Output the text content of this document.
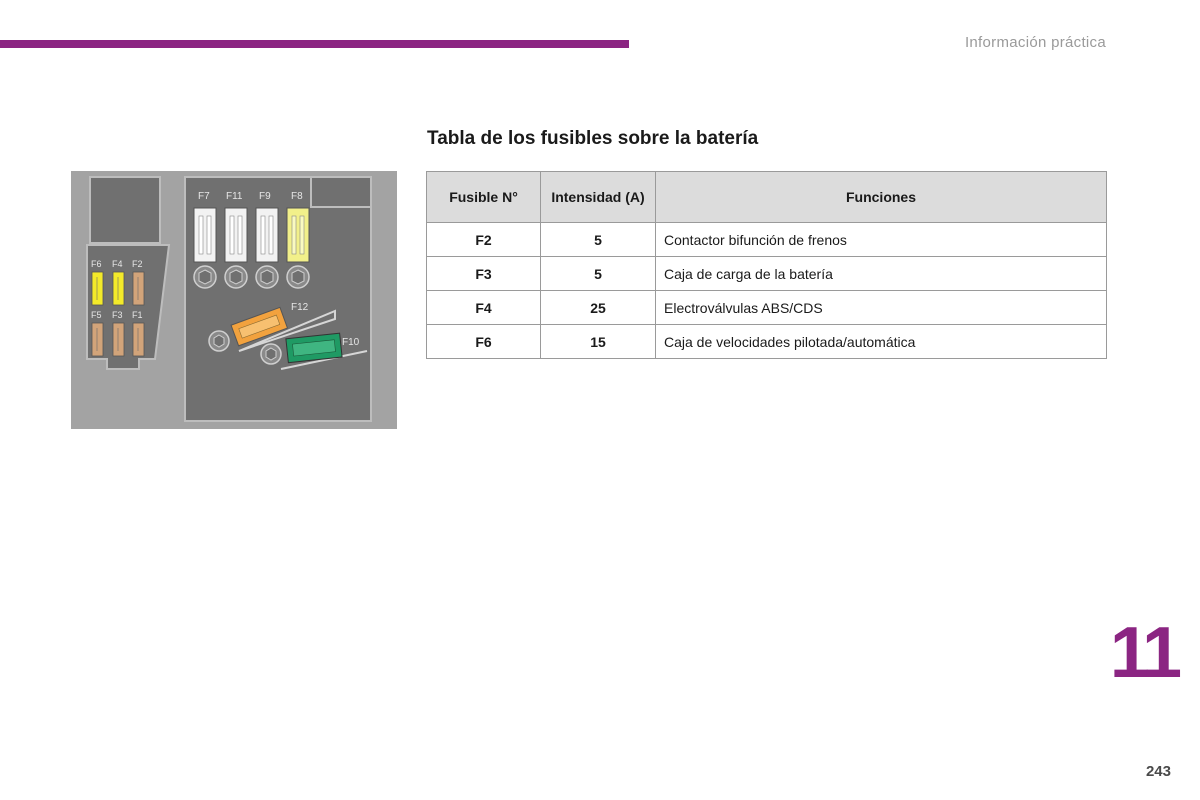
Información práctica
Tabla de los fusibles sobre la batería
F7 F11 F9 F8
F12
F10
F6 F4 F2
F5 F3 F1
Fusible N°	Intensidad (A)	Funciones
F2	5	Contactor bifunción de frenos
F3	5	Caja de carga de la batería
F4	25	Electroválvulas ABS/CDS
F6	15	Caja de velocidades pilotada/automática
11
243
